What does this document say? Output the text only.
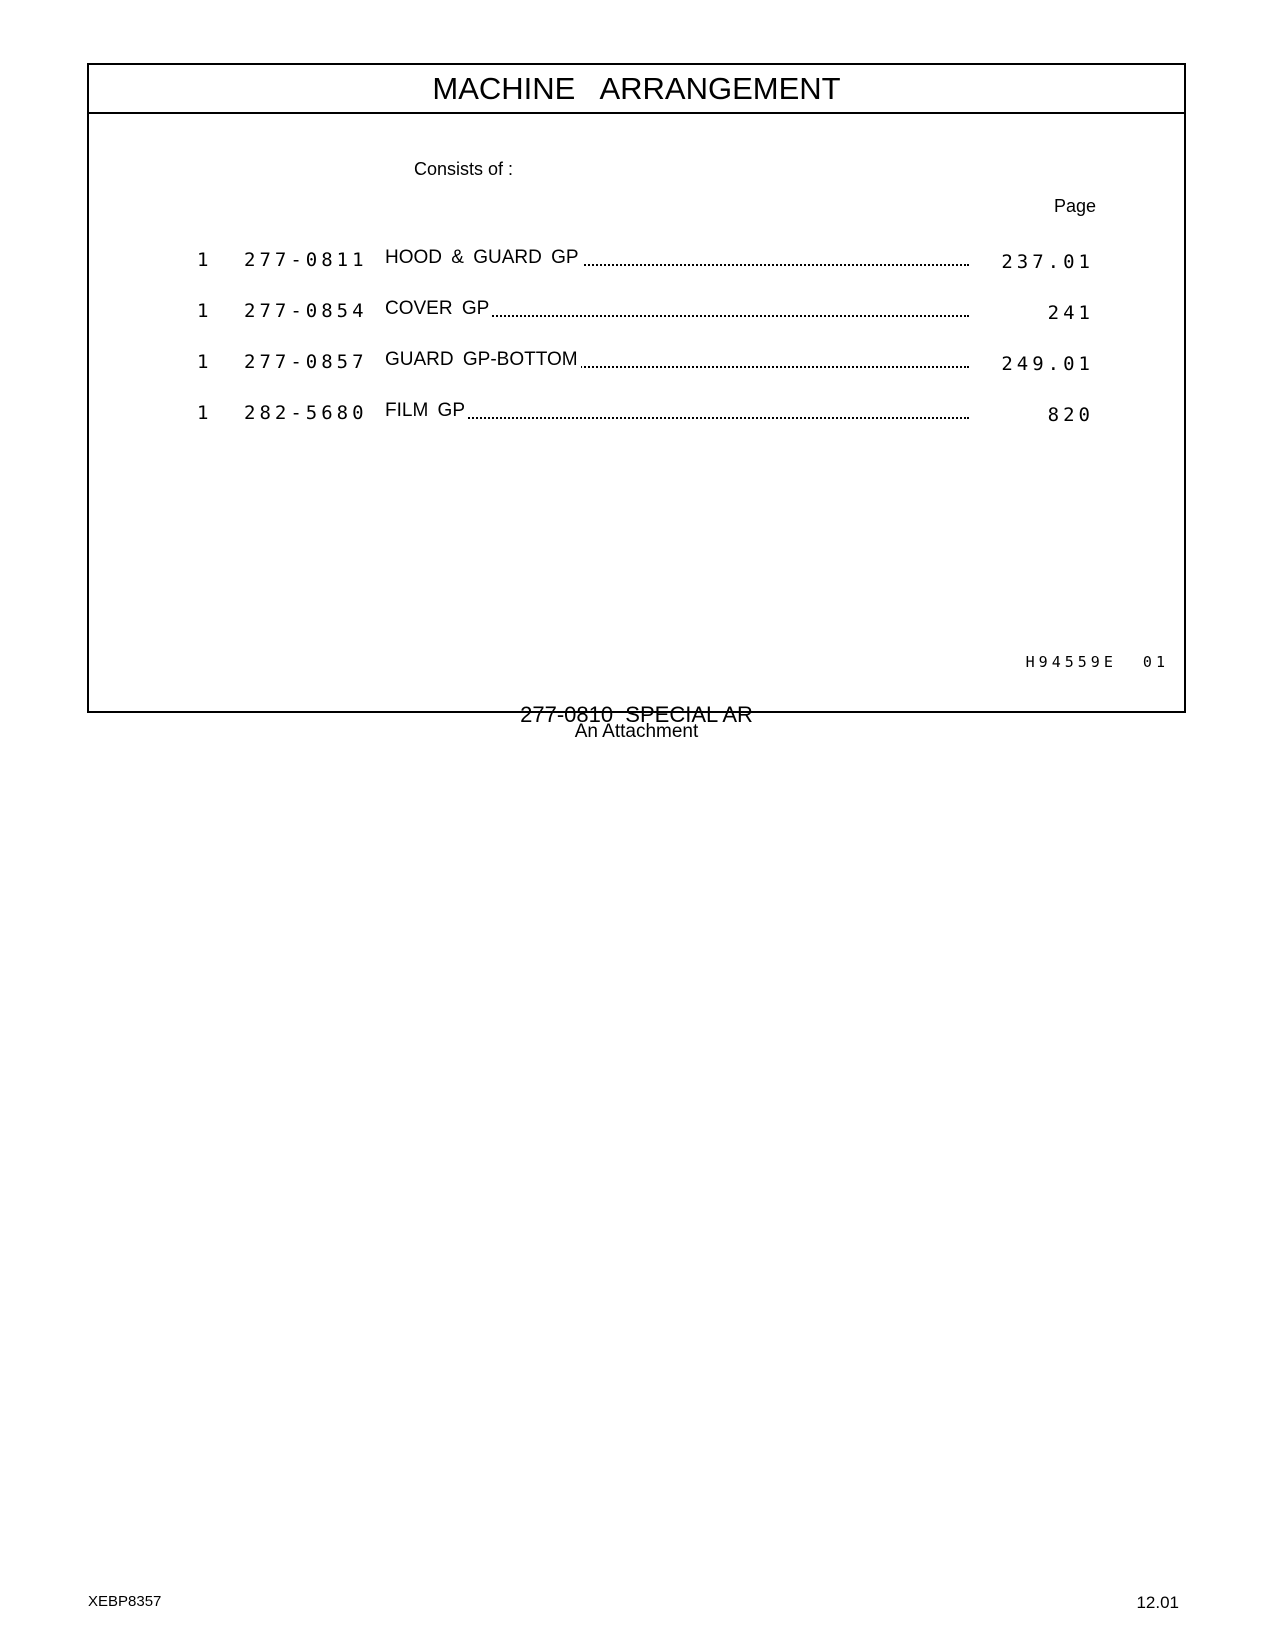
MACHINE   ARRANGEMENT
Consists of :
Page
1 277-0811 HOOD & GUARD GP	237.01
1 277-0854 COVER GP	241
1 277-0857 GUARD GP-BOTTOM	249.01
1 282-5680 FILM GP	820
H94559E  01
277-0810  SPECIAL AR
An Attachment
XEBP8357	12.01
